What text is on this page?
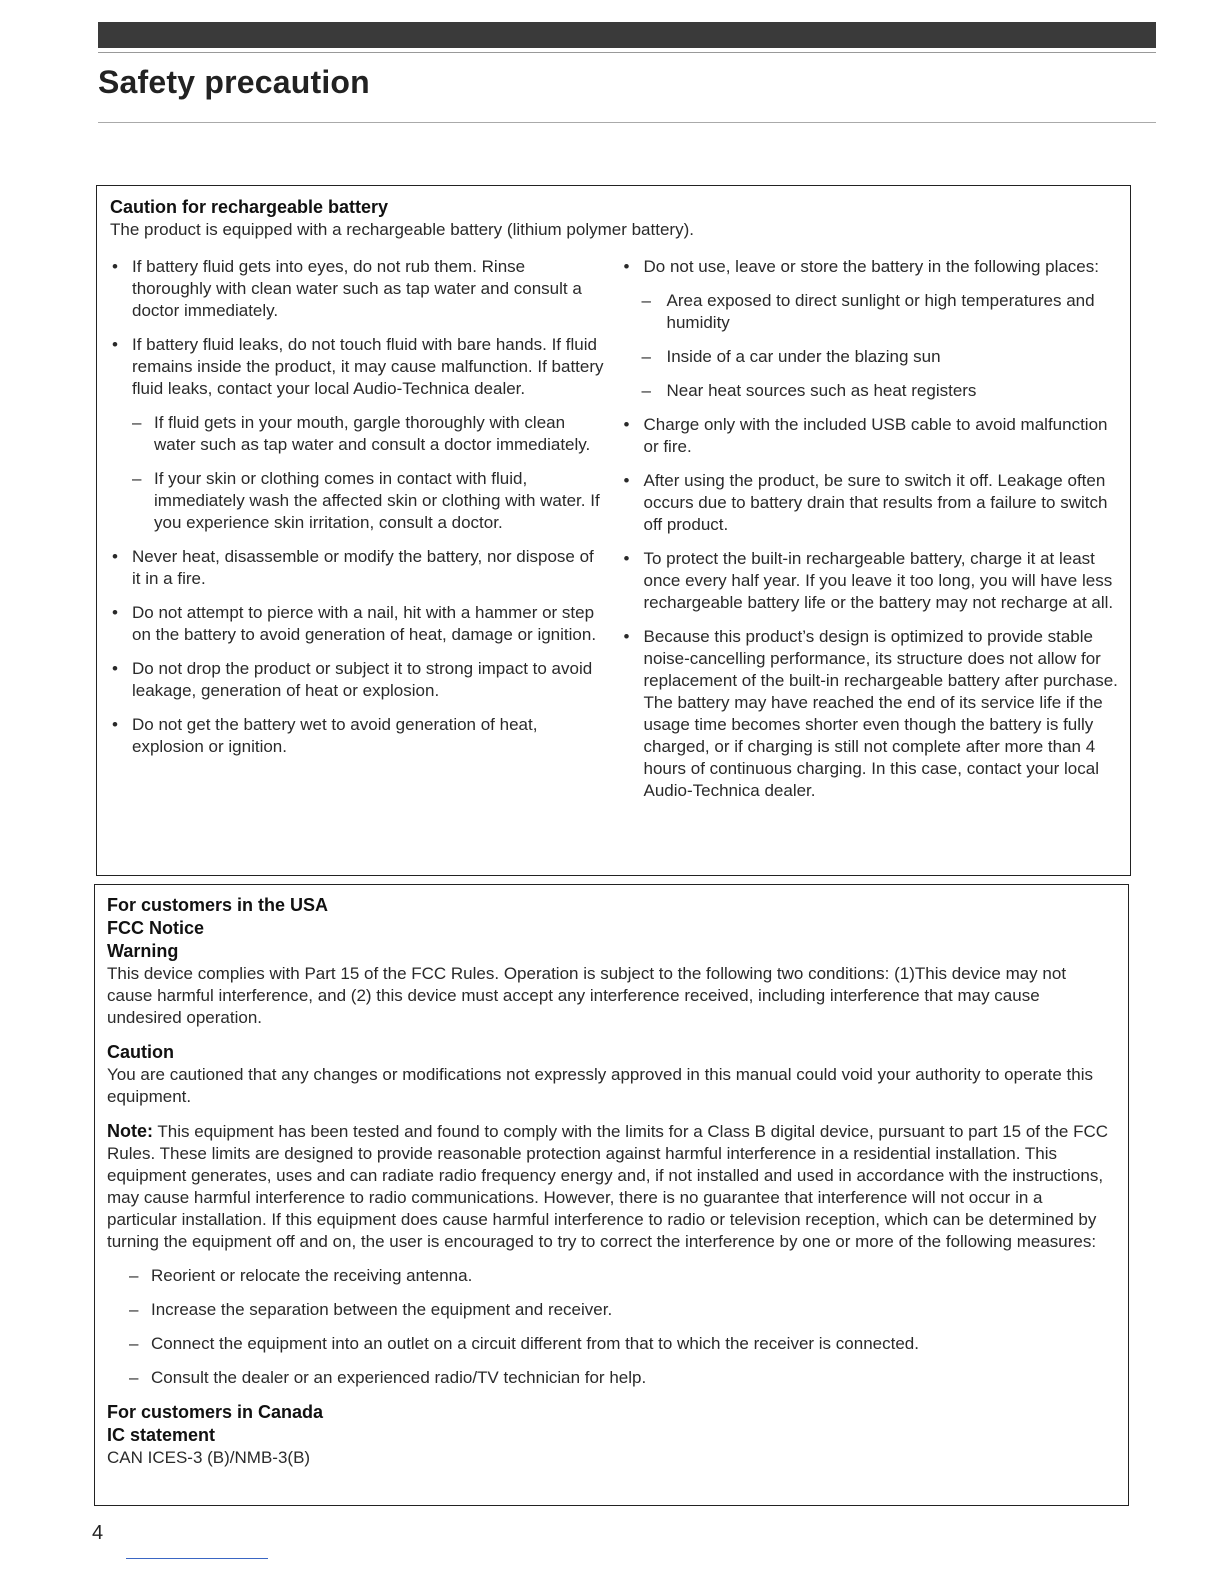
Safety precaution
Caution for rechargeable battery
The product is equipped with a rechargeable battery (lithium polymer battery).
• If battery fluid gets into eyes, do not rub them. Rinse thoroughly with clean water such as tap water and consult a doctor immediately.
• If battery fluid leaks, do not touch fluid with bare hands. If fluid remains inside the product, it may cause malfunction. If battery fluid leaks, contact your local Audio-Technica dealer.
– If fluid gets in your mouth, gargle thoroughly with clean water such as tap water and consult a doctor immediately.
– If your skin or clothing comes in contact with fluid, immediately wash the affected skin or clothing with water. If you experience skin irritation, consult a doctor.
• Never heat, disassemble or modify the battery, nor dispose of it in a fire.
• Do not attempt to pierce with a nail, hit with a hammer or step on the battery to avoid generation of heat, damage or ignition.
• Do not drop the product or subject it to strong impact to avoid leakage, generation of heat or explosion.
• Do not get the battery wet to avoid generation of heat, explosion or ignition.
• Do not use, leave or store the battery in the following places:
– Area exposed to direct sunlight or high temperatures and humidity
– Inside of a car under the blazing sun
– Near heat sources such as heat registers
• Charge only with the included USB cable to avoid malfunction or fire.
• After using the product, be sure to switch it off. Leakage often occurs due to battery drain that results from a failure to switch off product.
• To protect the built-in rechargeable battery, charge it at least once every half year. If you leave it too long, you will have less rechargeable battery life or the battery may not recharge at all.
• Because this product’s design is optimized to provide stable noise-cancelling performance, its structure does not allow for replacement of the built-in rechargeable battery after purchase. The battery may have reached the end of its service life if the usage time becomes shorter even though the battery is fully charged, or if charging is still not complete after more than 4 hours of continuous charging. In this case, contact your local Audio-Technica dealer.
For customers in the USA
FCC Notice
Warning
This device complies with Part 15 of the FCC Rules. Operation is subject to the following two conditions: (1)This device may not cause harmful interference, and (2) this device must accept any interference received, including interference that may cause undesired operation.
Caution
You are cautioned that any changes or modifications not expressly approved in this manual could void your authority to operate this equipment.
Note: This equipment has been tested and found to comply with the limits for a Class B digital device, pursuant to part 15 of the FCC Rules. These limits are designed to provide reasonable protection against harmful interference in a residential installation. This equipment generates, uses and can radiate radio frequency energy and, if not installed and used in accordance with the instructions, may cause harmful interference to radio communications. However, there is no guarantee that interference will not occur in a particular installation. If this equipment does cause harmful interference to radio or television reception, which can be determined by turning the equipment off and on, the user is encouraged to try to correct the interference by one or more of the following measures:
– Reorient or relocate the receiving antenna.
– Increase the separation between the equipment and receiver.
– Connect the equipment into an outlet on a circuit different from that to which the receiver is connected.
– Consult the dealer or an experienced radio/TV technician for help.
For customers in Canada
IC statement
CAN ICES-3 (B)/NMB-3(B)
4
